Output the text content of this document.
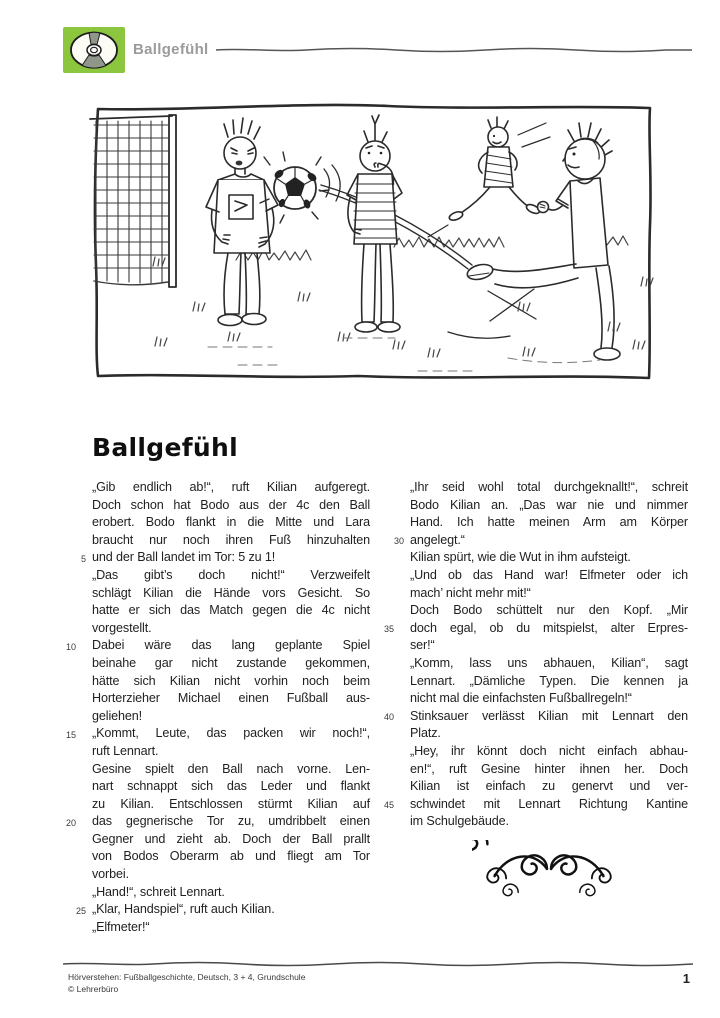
Ballgefühl
Ballgefühl
„Gib endlich ab!“, ruft Kilian aufgeregt.
Doch schon hat Bodo aus der 4c den Ball
erobert. Bodo flankt in die Mitte und Lara
braucht nur noch ihren Fuß hinzuhalten
5 und der Ball landet im Tor: 5 zu 1!
„Das gibt’s doch nicht!“ Verzweifelt
schlägt Kilian die Hände vors Gesicht. So
hatte er sich das Match gegen die 4c nicht
vorgestellt.
10	Dabei wäre das lang geplante Spiel
beinahe gar nicht zustande gekommen,
hätte sich Kilian nicht vorhin noch beim
Horterzieher Michael einen Fußball aus-
geliehen!
15	„Kommt, Leute, das packen wir noch!“,
ruft Lennart.
Gesine spielt den Ball nach vorne. Len-
nart schnappt sich das Leder und flankt
zu Kilian. Entschlossen stürmt Kilian auf
20	das gegnerische Tor zu, umdribbelt einen
Gegner und zieht ab. Doch der Ball prallt
von Bodos Oberarm ab und fliegt am Tor
vorbei.
„Hand!“, schreit Lennart.
25 „Klar, Handspiel“, ruft auch Kilian.
„Elfmeter!“
„Ihr seid wohl total durchgeknallt!“, schreit
Bodo Kilian an. „Das war nie und nimmer
Hand. Ich hatte meinen Arm am Körper
30 angelegt.“
Kilian spürt, wie die Wut in ihm aufsteigt.
„Und ob das Hand war! Elfmeter oder ich
mach’ nicht mehr mit!“
Doch Bodo schüttelt nur den Kopf. „Mir
35	doch egal, ob du mitspielst, alter Erpres-
ser!“
„Komm, lass uns abhauen, Kilian“, sagt
Lennart. „Dämliche Typen. Die kennen ja
nicht mal die einfachsten Fußballregeln!“
40	Stinksauer verlässt Kilian mit Lennart den
Platz.
„Hey, ihr könnt doch nicht einfach abhau-
en!“, ruft Gesine hinter ihnen her. Doch
Kilian ist einfach zu genervt und ver-
45	schwindet mit Lennart Richtung Kantine
im Schulgebäude.
Hörverstehen: Fußballgeschichte, Deutsch, 3 + 4, Grundschule
© Lehrerbüro
1
